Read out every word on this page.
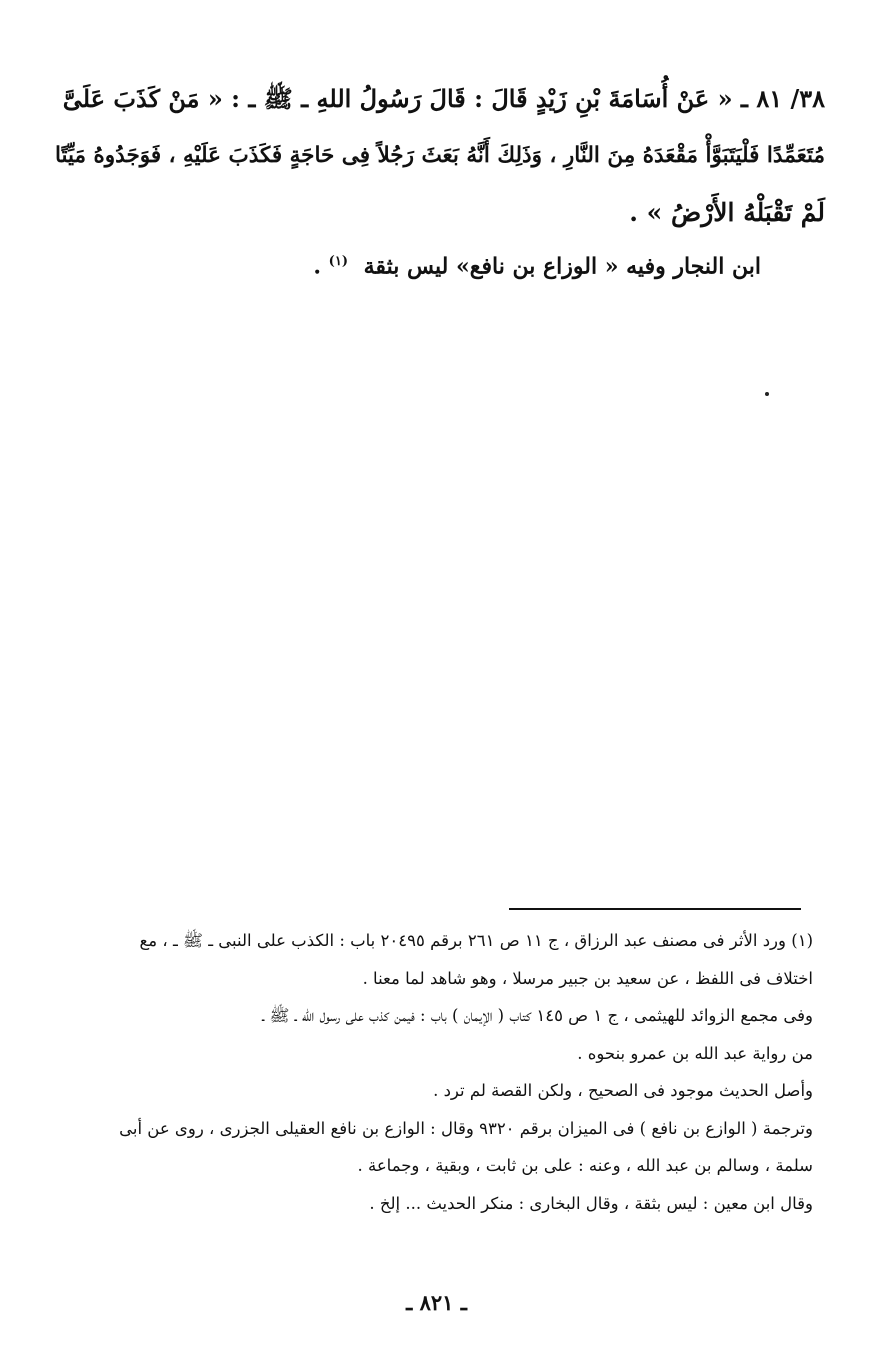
٣٨/ ٨١ ـ « عَنْ أُسَامَةَ بْنِ زَيْدٍ قَالَ : قَالَ رَسُولُ اللهِ ـ ﷺ ـ : « مَنْ كَذَبَ عَلَىَّ
مُتَعَمِّدًا فَلْيَتَبَوَّأْ مَقْعَدَهُ مِنَ النَّارِ ، وَذَلِكَ أَنَّهُ بَعَثَ رَجُلاً فِى حَاجَةٍ فَكَذَبَ عَلَيْهِ ، فَوَجَدُوهُ مَيِّتًا
لَمْ تَقْبَلْهُ الأَرْضُ » .
ابن النجار وفيه « الوزاع بن نافع» ليس بثقة $^{(١)}$ .
(١) ورد الأثر فى مصنف عبد الرزاق ، ج ١١ ص ٢٦١ برقم ٢٠٤٩٥ باب : الكذب على النبى ـ ﷺ ـ ، مع
اختلاف فى اللفظ ، عن سعيد بن جبير مرسلا ، وهو شاهد لما معنا .
وفى مجمع الزوائد للهيثمى ، ج ١ ص ١٤٥ كتاب ( الإيمان ) باب : فيمن كذب على رسول الله ـ ﷺ ـ
من رواية عبد الله بن عمرو بنحوه .
وأصل الحديث موجود فى الصحيح ، ولكن القصة لم ترد .
وترجمة ( الوازع بن نافع ) فى الميزان برقم ٩٣٢٠ وقال : الوازع بن نافع العقيلى الجزرى ، روى عن أبى
سلمة ، وسالم بن عبد الله ، وعنه : على بن ثابت ، وبقية ، وجماعة .
وقال ابن معين : ليس بثقة ، وقال البخارى : منكر الحديث ... إلخ .
ـ ٨٢١ ـ
